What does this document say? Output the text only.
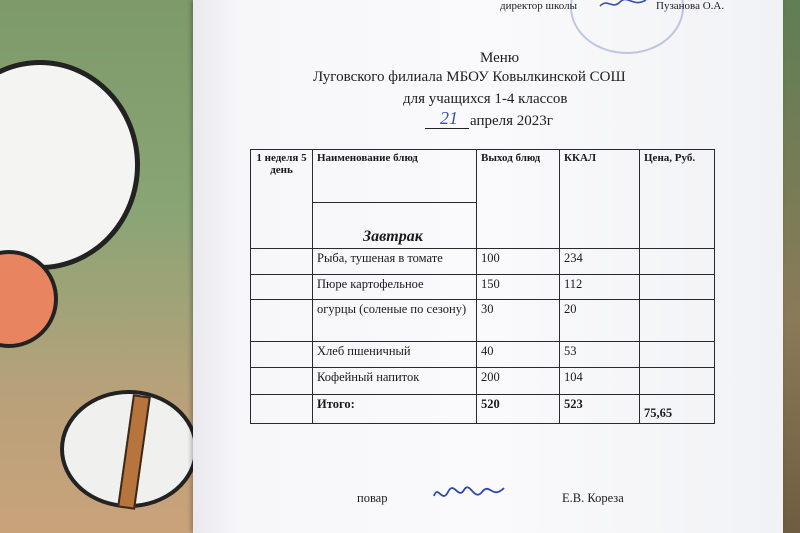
директор школы	Пузанова О.А.
Меню
Луговского филиала МБОУ Ковылкинской СОШ
для учащихся 1-4 классов
21 апреля 2023г
1 неделя 5 день	Наименование блюд	Выход блюд	ККАЛ	Цена, Руб.
	Завтрак			
	Рыба, тушеная в томате	100	234	
	Пюре картофельное	150	112	
	огурцы (соленые по сезону)	30	20	
	Хлеб пшеничный	40	53	
	Кофейный напиток	200	104	
	Итого:	520	523	75,65
повар	Е.В. Кореза
